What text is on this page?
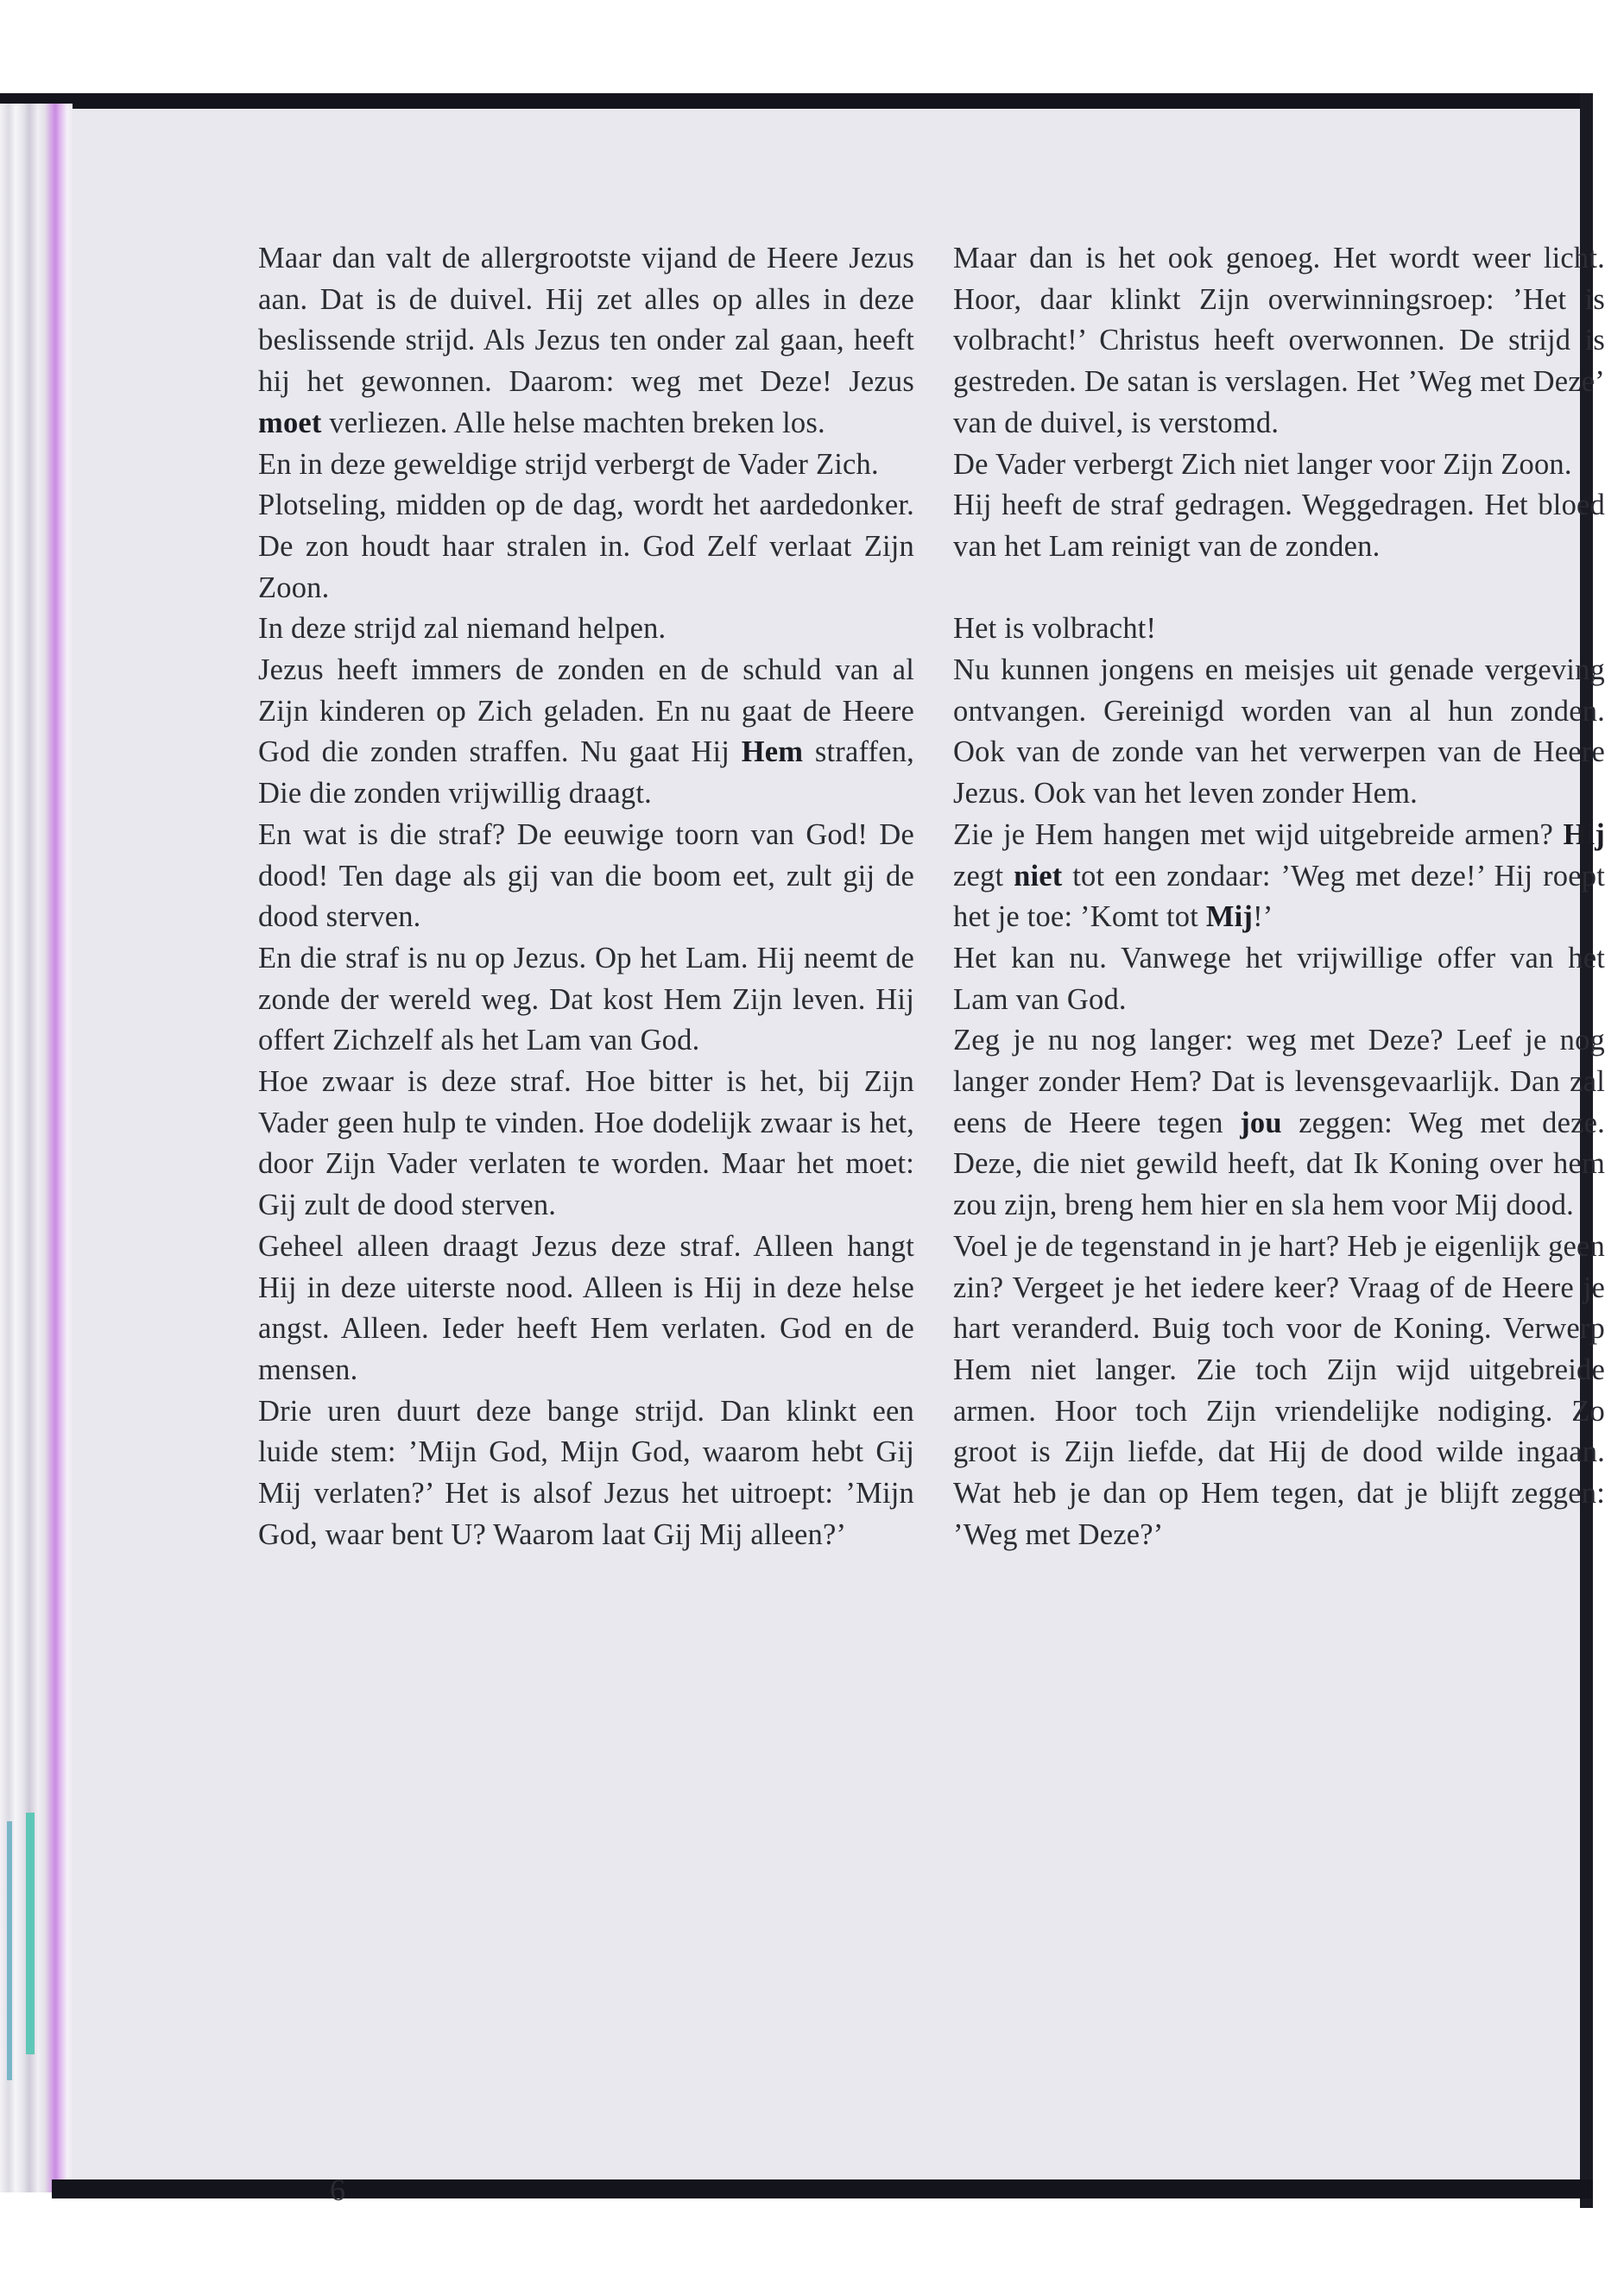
Maar dan valt de allergrootste vijand de Heere Jezus aan. Dat is de duivel. Hij zet alles op alles in deze beslissende strijd. Als Jezus ten onder zal gaan, heeft hij het gewonnen. Daarom: weg met Deze! Jezus moet verliezen. Alle helse machten breken los.

En in deze geweldige strijd verbergt de Vader Zich.

Plotseling, midden op de dag, wordt het aardedonker. De zon houdt haar stralen in. God Zelf verlaat Zijn Zoon.

In deze strijd zal niemand helpen.

Jezus heeft immers de zonden en de schuld van al Zijn kinderen op Zich geladen. En nu gaat de Heere God die zonden straffen. Nu gaat Hij Hem straffen, Die die zonden vrijwillig draagt.

En wat is die straf? De eeuwige toorn van God! De dood! Ten dage als gij van die boom eet, zult gij de dood sterven.

En die straf is nu op Jezus. Op het Lam. Hij neemt de zonde der wereld weg. Dat kost Hem Zijn leven. Hij offert Zichzelf als het Lam van God.

Hoe zwaar is deze straf. Hoe bitter is het, bij Zijn Vader geen hulp te vinden. Hoe dodelijk zwaar is het, door Zijn Vader verlaten te worden. Maar het moet: Gij zult de dood sterven.

Geheel alleen draagt Jezus deze straf. Alleen hangt Hij in deze uiterste nood. Alleen is Hij in deze helse angst. Alleen. Ieder heeft Hem verlaten. God en de mensen.

Drie uren duurt deze bange strijd. Dan klinkt een luide stem: ’Mijn God, Mijn God, waarom hebt Gij Mij verlaten?’ Het is alsof Jezus het uitroept: ’Mijn God, waar bent U? Waarom laat Gij Mij alleen?’

Maar dan is het ook genoeg. Het wordt weer licht. Hoor, daar klinkt Zijn overwinningsroep: ’Het is volbracht!’ Christus heeft overwonnen. De strijd is gestreden. De satan is verslagen. Het ’Weg met Deze’ van de duivel, is verstomd.

De Vader verbergt Zich niet langer voor Zijn Zoon.

Hij heeft de straf gedragen. Weggedragen. Het bloed van het Lam reinigt van de zonden.

Het is volbracht!

Nu kunnen jongens en meisjes uit genade vergeving ontvangen. Gereinigd worden van al hun zonden. Ook van de zonde van het verwerpen van de Heere Jezus. Ook van het leven zonder Hem.

Zie je Hem hangen met wijd uitgebreide armen? Hij zegt niet tot een zondaar: ’Weg met deze!’ Hij roept het je toe: ’Komt tot Mij!’

Het kan nu. Vanwege het vrijwillige offer van het Lam van God.

Zeg je nu nog langer: weg met Deze? Leef je nog langer zonder Hem? Dat is levensgevaarlijk. Dan zal eens de Heere tegen jou zeggen: Weg met deze. Deze, die niet gewild heeft, dat Ik Koning over hem zou zijn, breng hem hier en sla hem voor Mij dood.

Voel je de tegenstand in je hart? Heb je eigenlijk geen zin? Vergeet je het iedere keer? Vraag of de Heere je hart veranderd. Buig toch voor de Koning. Verwerp Hem niet langer. Zie toch Zijn wijd uitgebreide armen. Hoor toch Zijn vriendelijke nodiging. Zo groot is Zijn liefde, dat Hij de dood wilde ingaan. Wat heb je dan op Hem tegen, dat je blijft zeggen: ’Weg met Deze?’

6
